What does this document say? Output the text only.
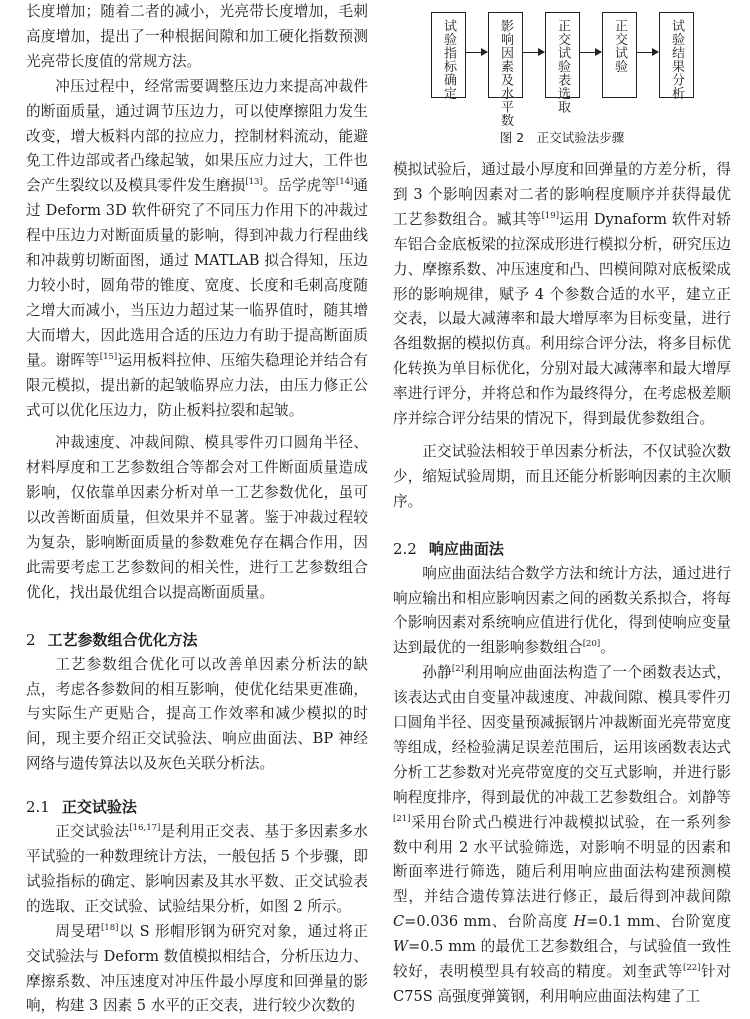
长度增加；随着二者的减小，光亮带长度增加，毛刺高度增加，提出了一种根据间隙和加工硬化指数预测光亮带长度值的常规方法。

冲压过程中，经常需要调整压边力来提高冲裁件的断面质量，通过调节压边力，可以使摩擦阻力发生改变，增大板料内部的拉应力，控制材料流动，能避免工件边部或者凸缘起皱，如果压应力过大，工件也会产生裂纹以及模具零件发生磨损[13]。岳学虎等[14]通过 Deform 3D 软件研究了不同压力作用下的冲裁过程中压边力对断面质量的影响，得到冲裁力行程曲线和冲裁剪切断面图，通过 MATLAB 拟合得知，压边力较小时，圆角带的锥度、宽度、长度和毛刺高度随之增大而减小，当压边力超过某一临界值时，随其增大而增大，因此选用合适的压边力有助于提高断面质量。谢晖等[15]运用板料拉伸、压缩失稳理论并结合有限元模拟，提出新的起皱临界应力法，由压力修正公式可以优化压边力，防止板料拉裂和起皱。

冲裁速度、冲裁间隙、模具零件刃口圆角半径、材料厚度和工艺参数组合等都会对工件断面质量造成影响，仅依靠单因素分析对单一工艺参数优化，虽可以改善断面质量，但效果并不显著。鉴于冲裁过程较为复杂，影响断面质量的参数难免存在耦合作用，因此需要考虑工艺参数间的相关性，进行工艺参数组合优化，找出最优组合以提高断面质量。

2 工艺参数组合优化方法

工艺参数组合优化可以改善单因素分析法的缺点，考虑各参数间的相互影响，使优化结果更准确，与实际生产更贴合，提高工作效率和减少模拟的时间，现主要介绍正交试验法、响应曲面法、BP 神经网络与遗传算法以及灰色关联分析法。

2.1 正交试验法

正交试验法[16,17]是利用正交表、基于多因素多水平试验的一种数理统计方法，一般包括 5 个步骤，即试验指标的确定、影响因素及其水平数、正交试验表的选取、正交试验、试验结果分析，如图 2 所示。

周旻珺[18]以 S 形帽形钢为研究对象，通过将正交试验法与 Deform 数值模拟相结合，分析压边力、摩擦系数、冲压速度对冲压件最小厚度和回弹量的影响，构建 3 因素 5 水平的正交表，进行较少次数的

试验指标确定	影响因素及水平数	正交试验表选取	正交试验	试验结果分析
图 2　正交试验法步骤

模拟试验后，通过最小厚度和回弹量的方差分析，得到 3 个影响因素对二者的影响程度顺序并获得最优工艺参数组合。臧其等[19]运用 Dynaform 软件对轿车铝合金底板梁的拉深成形进行模拟分析，研究压边力、摩擦系数、冲压速度和凸、凹模间隙对底板梁成形的影响规律，赋予 4 个参数合适的水平，建立正交表，以最大减薄率和最大增厚率为目标变量，进行各组数据的模拟仿真。利用综合评分法，将多目标优化转换为单目标优化，分别对最大减薄率和最大增厚率进行评分，并将总和作为最终得分，在考虑极差顺序并综合评分结果的情况下，得到最优参数组合。

正交试验法相较于单因素分析法，不仅试验次数少，缩短试验周期，而且还能分析影响因素的主次顺序。

2.2 响应曲面法

响应曲面法结合数学方法和统计方法，通过进行响应输出和相应影响因素之间的函数关系拟合，将每个影响因素对系统响应值进行优化，得到使响应变量达到最优的一组影响参数组合[20]。

孙静[2]利用响应曲面法构造了一个函数表达式，该表达式由自变量冲裁速度、冲裁间隙、模具零件刃口圆角半径、因变量预减振钢片冲裁断面光亮带宽度等组成，经检验满足误差范围后，运用该函数表达式分析工艺参数对光亮带宽度的交互式影响，并进行影响程度排序，得到最优的冲裁工艺参数组合。刘静等[21]采用台阶式凸模进行冲裁模拟试验，在一系列参数中利用 2 水平试验筛选，对影响不明显的因素和断面率进行筛选，随后利用响应曲面法构建预测模型，并结合遗传算法进行修正，最后得到冲裁间隙 C=0.036 mm、台阶高度 H=0.1 mm、台阶宽度 W=0.5 mm 的最优工艺参数组合，与试验值一致性较好，表明模型具有较高的精度。刘奎武等[22]针对 C75S 高强度弹簧钢，利用响应曲面法构建了工
